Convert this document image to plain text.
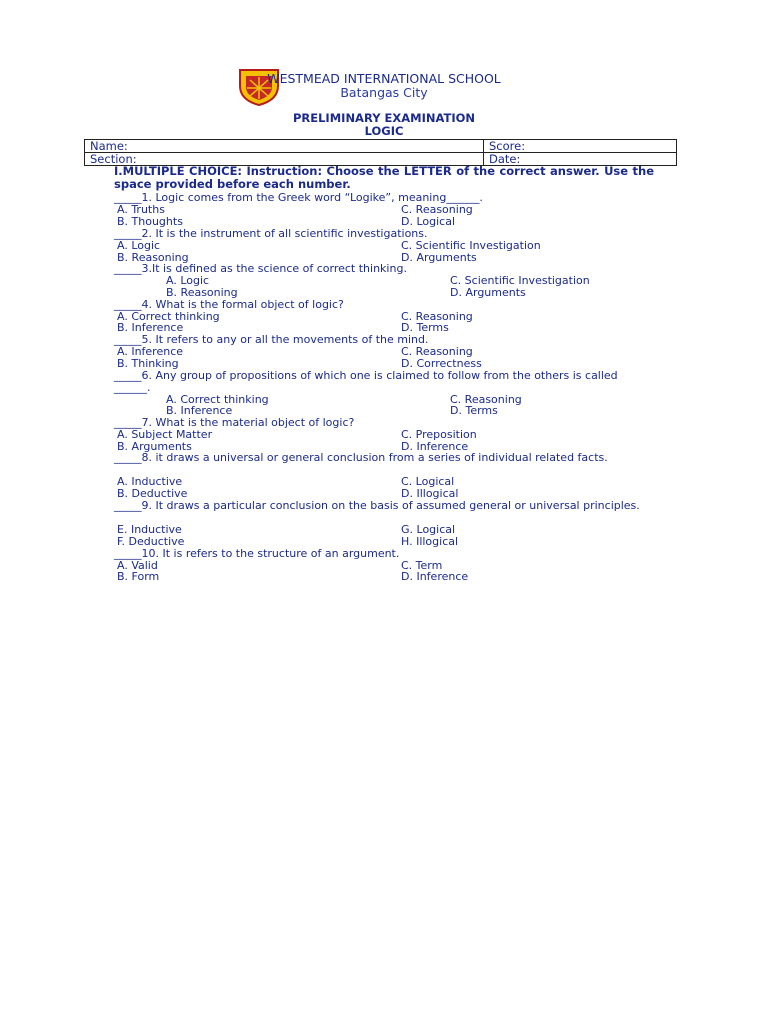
WESTMEAD INTERNATIONAL SCHOOL
Batangas City
PRELIMINARY EXAMINATION
LOGIC
Name:	Score:
Section:	Date:
I.MULTIPLE CHOICE: Instruction: Choose the LETTER of the correct answer. Use the space provided before each number.
_____1. Logic comes from the Greek word “Logike”, meaning______.
A. Truths	C. Reasoning
B. Thoughts	D. Logical
_____2. It is the instrument of all scientific investigations.
A. Logic	C. Scientific Investigation
B. Reasoning	D. Arguments
_____3.It is defined as the science of correct thinking.
A. Logic	C. Scientific Investigation
B. Reasoning	D. Arguments
_____4. What is the formal object of logic?
A. Correct thinking	C. Reasoning
B. Inference	D. Terms
_____5. It refers to any or all the movements of the mind.
A. Inference	C. Reasoning
B. Thinking	D. Correctness
_____6. Any group of propositions of which one is claimed to follow from the others is called ______.
A. Correct thinking	C. Reasoning
B. Inference	D. Terms
_____7. What is the material object of logic?
A. Subject Matter	C. Preposition
B. Arguments	D. Inference
_____8. it draws a universal or general conclusion from a series of individual related facts.
A. Inductive	C. Logical
B. Deductive	D. Illogical
_____9. It draws a particular conclusion on the basis of assumed general or universal principles.
E. Inductive	G. Logical
F. Deductive	H. Illogical
_____10. It is refers to the structure of an argument.
A. Valid	C. Term
B. Form	D. Inference
